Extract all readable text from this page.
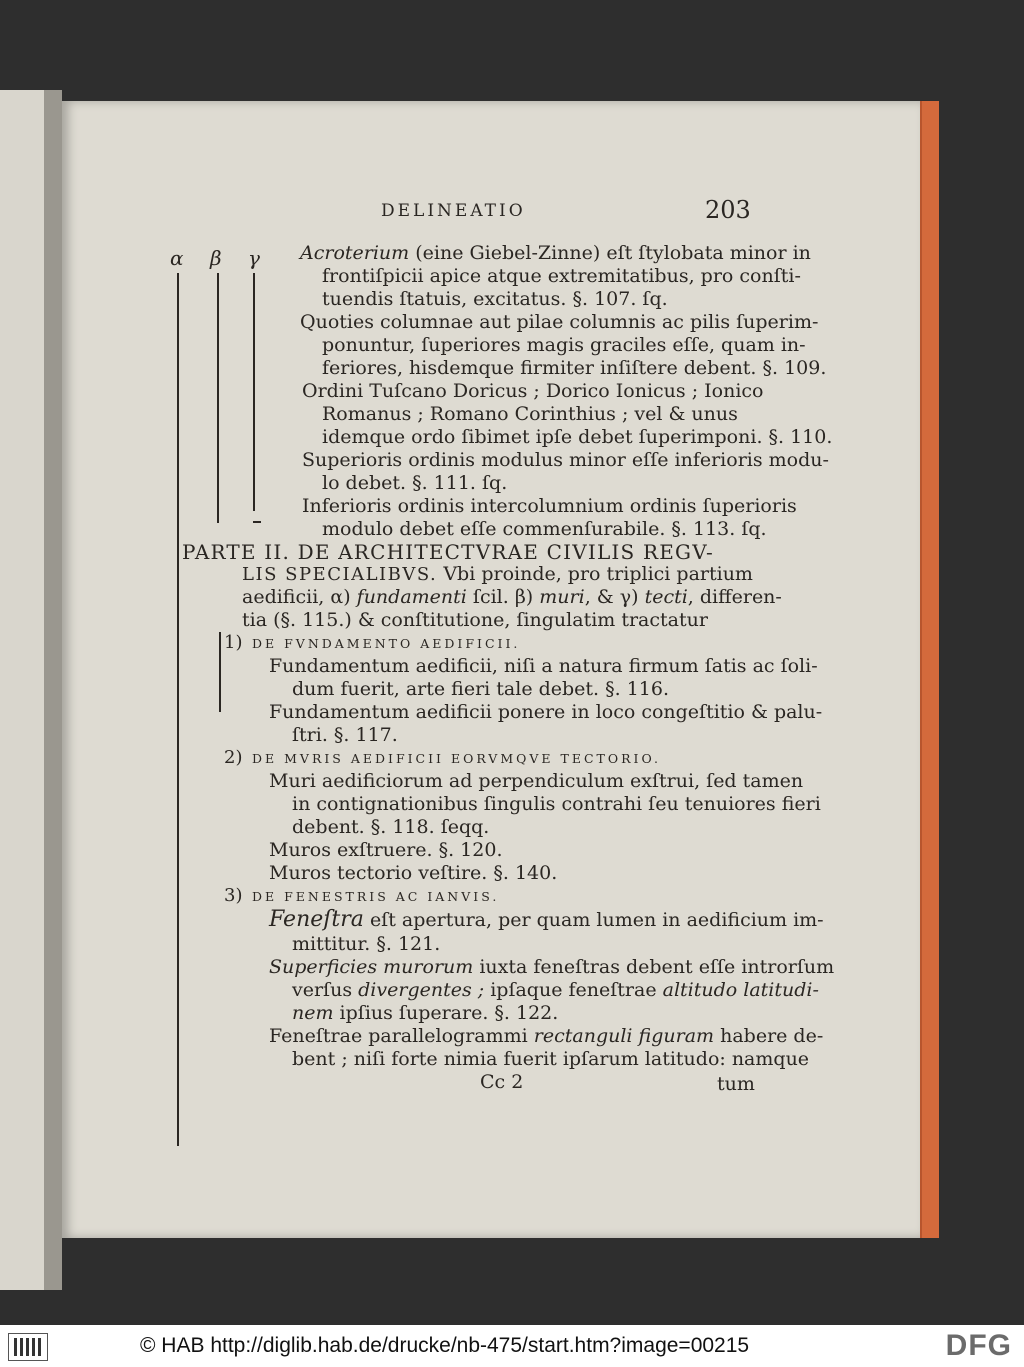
DELINEATIO	203
α β γ Acroterium (eine Giebel-Zinne) eſt ſtylobata minor in
frontiſpicii apice atque extremitatibus, pro conſti-
tuendis ſtatuis, excitatus. §. 107. ſq.
Quoties columnae aut pilae columnis ac pilis ſuperim-
ponuntur, ſuperiores magis graciles eſſe, quam in-
feriores, hisdemque firmiter inſiſtere debent. §. 109.
Ordini Tuſcano Doricus ; Dorico Ionicus ; Ionico
Romanus ; Romano Corinthius ; vel & unus
idemque ordo ſibimet ipſe debet ſuperimponi. §. 110.
Superioris ordinis modulus minor eſſe inferioris modu-
lo debet. §. 111. ſq.
Inferioris ordinis intercolumnium ordinis ſuperioris
modulo debet eſſe commenſurabile. §. 113. ſq.
PARTE II. DE ARCHITECTVRAE CIVILIS REGV-
LIS SPECIALIBVS. Vbi proinde, pro triplici partium
aedificii, α) fundamenti ſcil. β) muri, & γ) tecti, differen-
tia (§. 115.) & conſtitutione, ſingulatim tractatur
1) DE FVNDAMENTO AEDIFICII.
Fundamentum aedificii, niſi a natura firmum ſatis ac ſoli-
dum fuerit, arte fieri tale debet. §. 116.
Fundamentum aedificii ponere in loco congeſtitio & palu-
ſtri. §. 117.
2) DE MVRIS AEDIFICII EORVMQVE TECTORIO.
Muri aedificiorum ad perpendiculum exſtrui, ſed tamen
in contignationibus ſingulis contrahi ſeu tenuiores fieri
debent. §. 118. ſeqq.
Muros exſtruere. §. 120.
Muros tectorio veſtire. §. 140.
3) DE FENESTRIS AC IANVIS.
Feneſtra eſt apertura, per quam lumen in aedificium im-
mittitur. §. 121.
Superficies murorum iuxta feneſtras debent eſſe introrſum
verſus divergentes ; ipſaque feneſtrae altitudo latitudi-
nem ipſius ſuperare. §. 122.
Feneſtrae parallelogrammi rectanguli figuram habere de-
bent ; niſi forte nimia fuerit ipſarum latitudo: namque
Cc 2	tum
© HAB http://diglib.hab.de/drucke/nb-475/start.htm?image=00215	DFG
